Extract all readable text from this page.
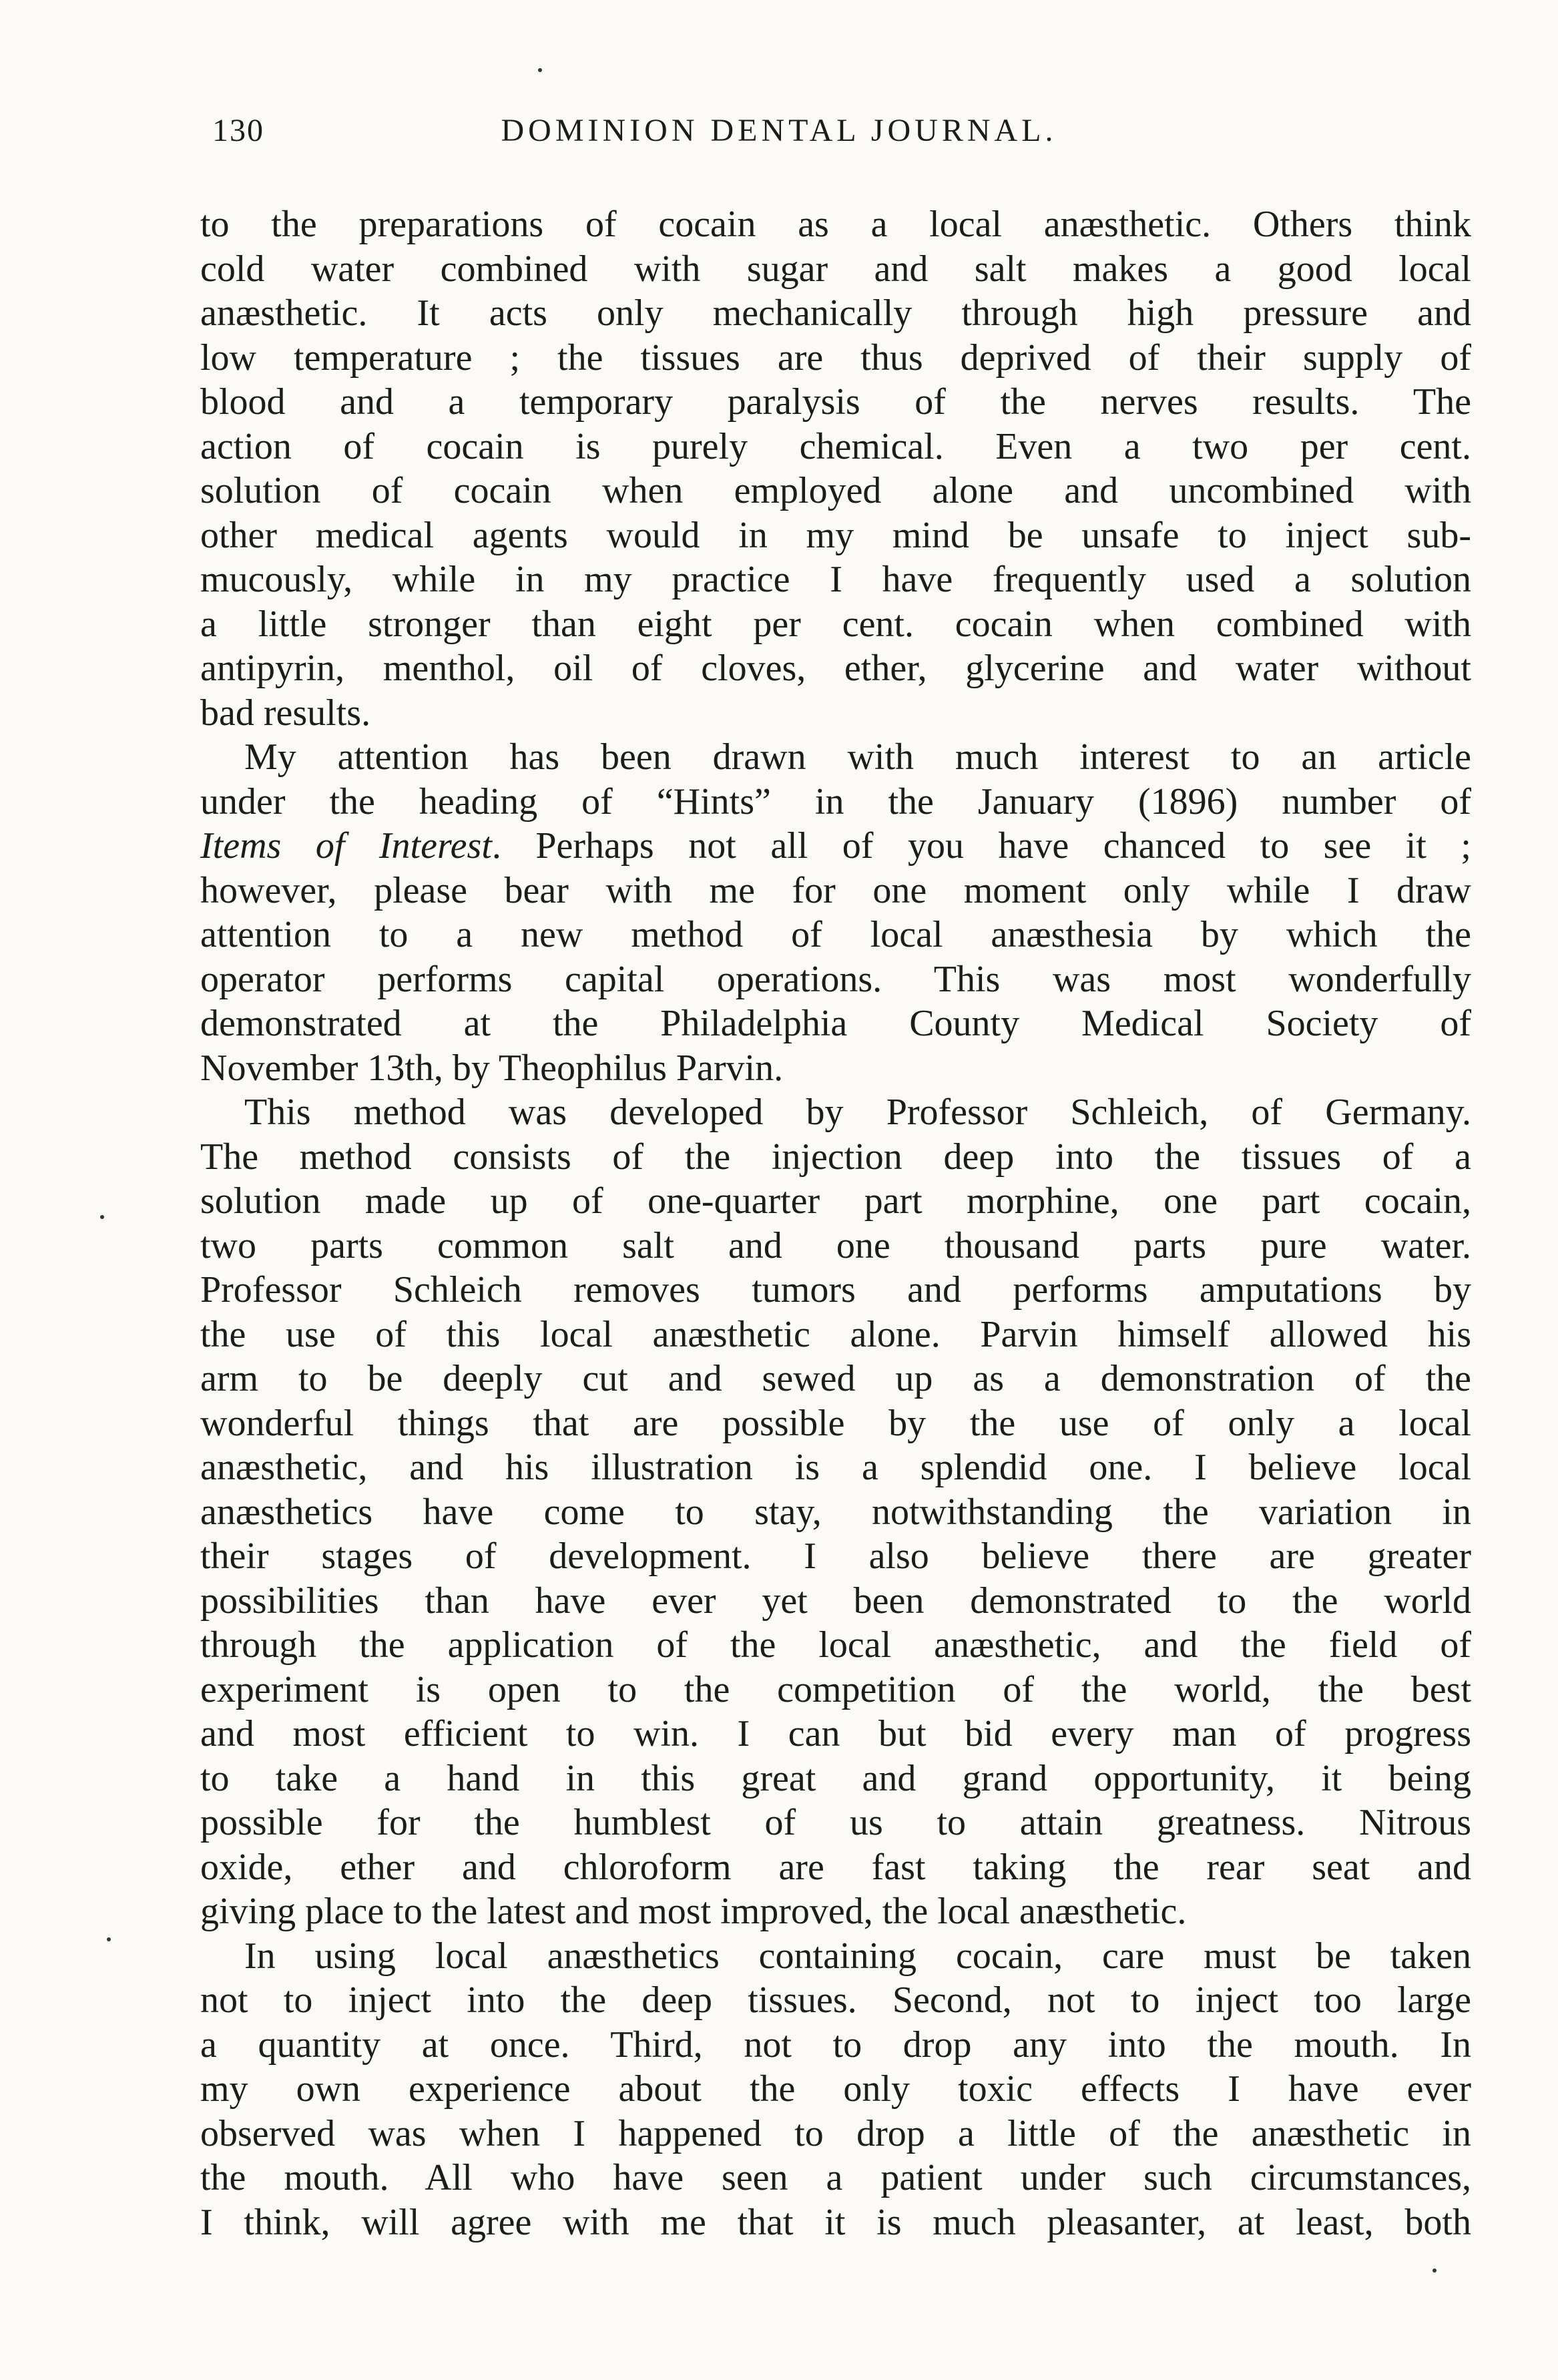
130	DOMINION DENTAL JOURNAL.
to the preparations of cocain as a local anæsthetic. Others think
cold water combined with sugar and salt makes a good local
anæsthetic. It acts only mechanically through high pressure and
low temperature ; the tissues are thus deprived of their supply of
blood and a temporary paralysis of the nerves results. The
action of cocain is purely chemical. Even a two per cent.
solution of cocain when employed alone and uncombined with
other medical agents would in my mind be unsafe to inject sub-
mucously, while in my practice I have frequently used a solution
a little stronger than eight per cent. cocain when combined with
antipyrin, menthol, oil of cloves, ether, glycerine and water without
bad results.
My attention has been drawn with much interest to an article
under the heading of “Hints” in the January (1896) number of
Items of Interest. Perhaps not all of you have chanced to see it ;
however, please bear with me for one moment only while I draw
attention to a new method of local anæsthesia by which the
operator performs capital operations. This was most wonderfully
demonstrated at the Philadelphia County Medical Society of
November 13th, by Theophilus Parvin.
This method was developed by Professor Schleich, of Germany.
The method consists of the injection deep into the tissues of a
solution made up of one-quarter part morphine, one part cocain,
two parts common salt and one thousand parts pure water.
Professor Schleich removes tumors and performs amputations by
the use of this local anæsthetic alone. Parvin himself allowed his
arm to be deeply cut and sewed up as a demonstration of the
wonderful things that are possible by the use of only a local
anæsthetic, and his illustration is a splendid one. I believe local
anæsthetics have come to stay, notwithstanding the variation in
their stages of development. I also believe there are greater
possibilities than have ever yet been demonstrated to the world
through the application of the local anæsthetic, and the field of
experiment is open to the competition of the world, the best
and most efficient to win. I can but bid every man of progress
to take a hand in this great and grand opportunity, it being
possible for the humblest of us to attain greatness. Nitrous
oxide, ether and chloroform are fast taking the rear seat and
giving place to the latest and most improved, the local anæsthetic.
In using local anæsthetics containing cocain, care must be taken
not to inject into the deep tissues. Second, not to inject too large
a quantity at once. Third, not to drop any into the mouth. In
my own experience about the only toxic effects I have ever
observed was when I happened to drop a little of the anæsthetic in
the mouth. All who have seen a patient under such circumstances,
I think, will agree with me that it is much pleasanter, at least, both
